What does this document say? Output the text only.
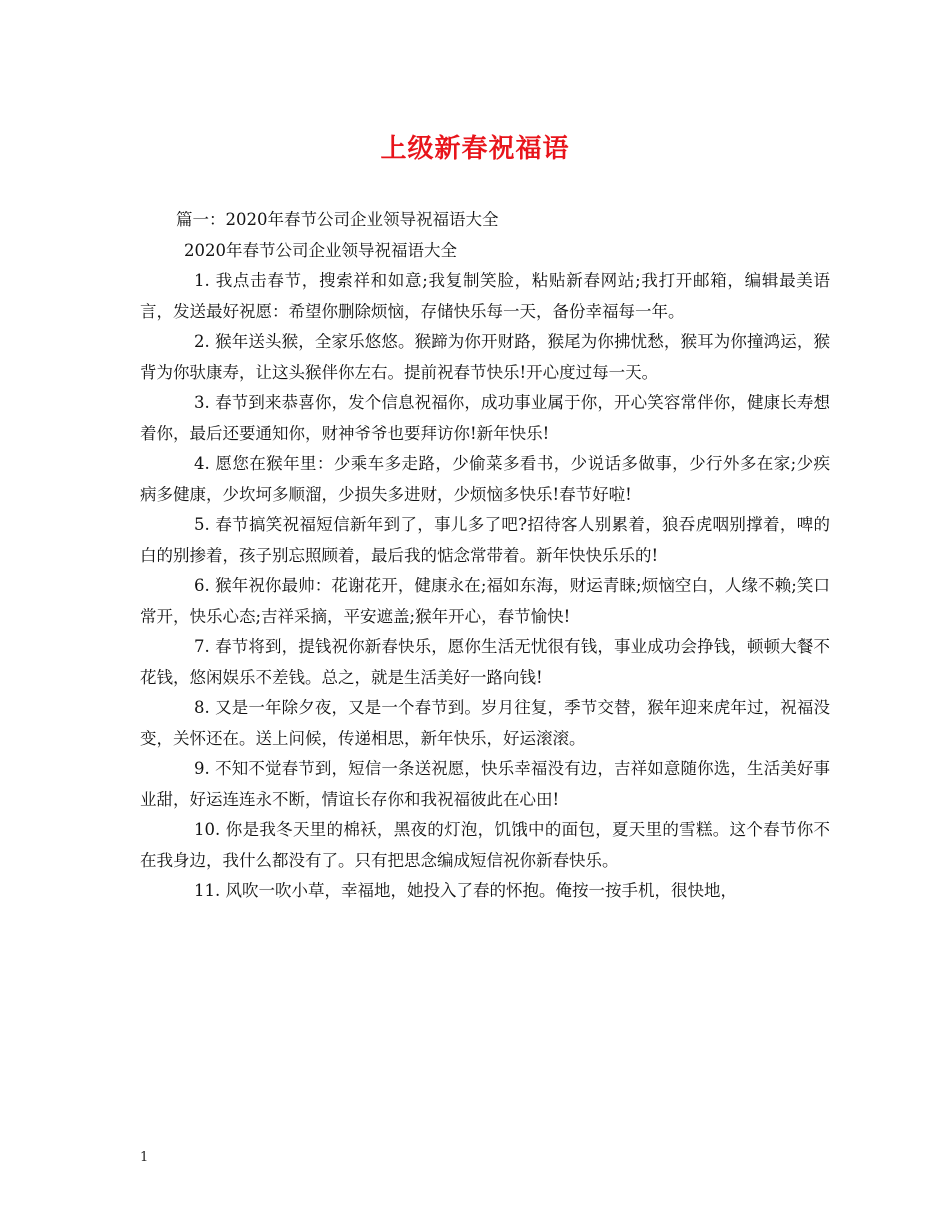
上级新春祝福语

篇一：2020年春节公司企业领导祝福语大全

2020年春节公司企业领导祝福语大全

1. 我点击春节，搜索祥和如意;我复制笑脸，粘贴新春网站;我打开邮箱，编辑最美语言，发送最好祝愿：希望你删除烦恼，存储快乐每一天，备份幸福每一年。

2. 猴年送头猴，全家乐悠悠。猴蹄为你开财路，猴尾为你拂忧愁，猴耳为你撞鸿运，猴背为你驮康寿，让这头猴伴你左右。提前祝春节快乐!开心度过每一天。

3. 春节到来恭喜你，发个信息祝福你，成功事业属于你，开心笑容常伴你，健康长寿想着你，最后还要通知你，财神爷爷也要拜访你!新年快乐!

4. 愿您在猴年里：少乘车多走路，少偷菜多看书，少说话多做事，少行外多在家;少疾病多健康，少坎坷多顺溜，少损失多进财，少烦恼多快乐!春节好啦!

5. 春节搞笑祝福短信新年到了，事儿多了吧?招待客人别累着，狼吞虎咽别撑着，啤的白的别掺着，孩子别忘照顾着，最后我的惦念常带着。新年快快乐乐的!

6. 猴年祝你最帅：花谢花开，健康永在;福如东海，财运青睐;烦恼空白，人缘不赖;笑口常开，快乐心态;吉祥采摘，平安遮盖;猴年开心，春节愉快!

7. 春节将到，提钱祝你新春快乐，愿你生活无忧很有钱，事业成功会挣钱，顿顿大餐不花钱，悠闲娱乐不差钱。总之，就是生活美好一路向钱!

8. 又是一年除夕夜，又是一个春节到。岁月往复，季节交替，猴年迎来虎年过，祝福没变，关怀还在。送上问候，传递相思，新年快乐，好运滚滚。

9. 不知不觉春节到，短信一条送祝愿，快乐幸福没有边，吉祥如意随你选，生活美好事业甜，好运连连永不断，情谊长存你和我祝福彼此在心田!

10. 你是我冬天里的棉袄，黑夜的灯泡，饥饿中的面包，夏天里的雪糕。这个春节你不在我身边，我什么都没有了。只有把思念编成短信祝你新春快乐。

11. 风吹一吹小草，幸福地，她投入了春的怀抱。俺按一按手机，很快地，

1
